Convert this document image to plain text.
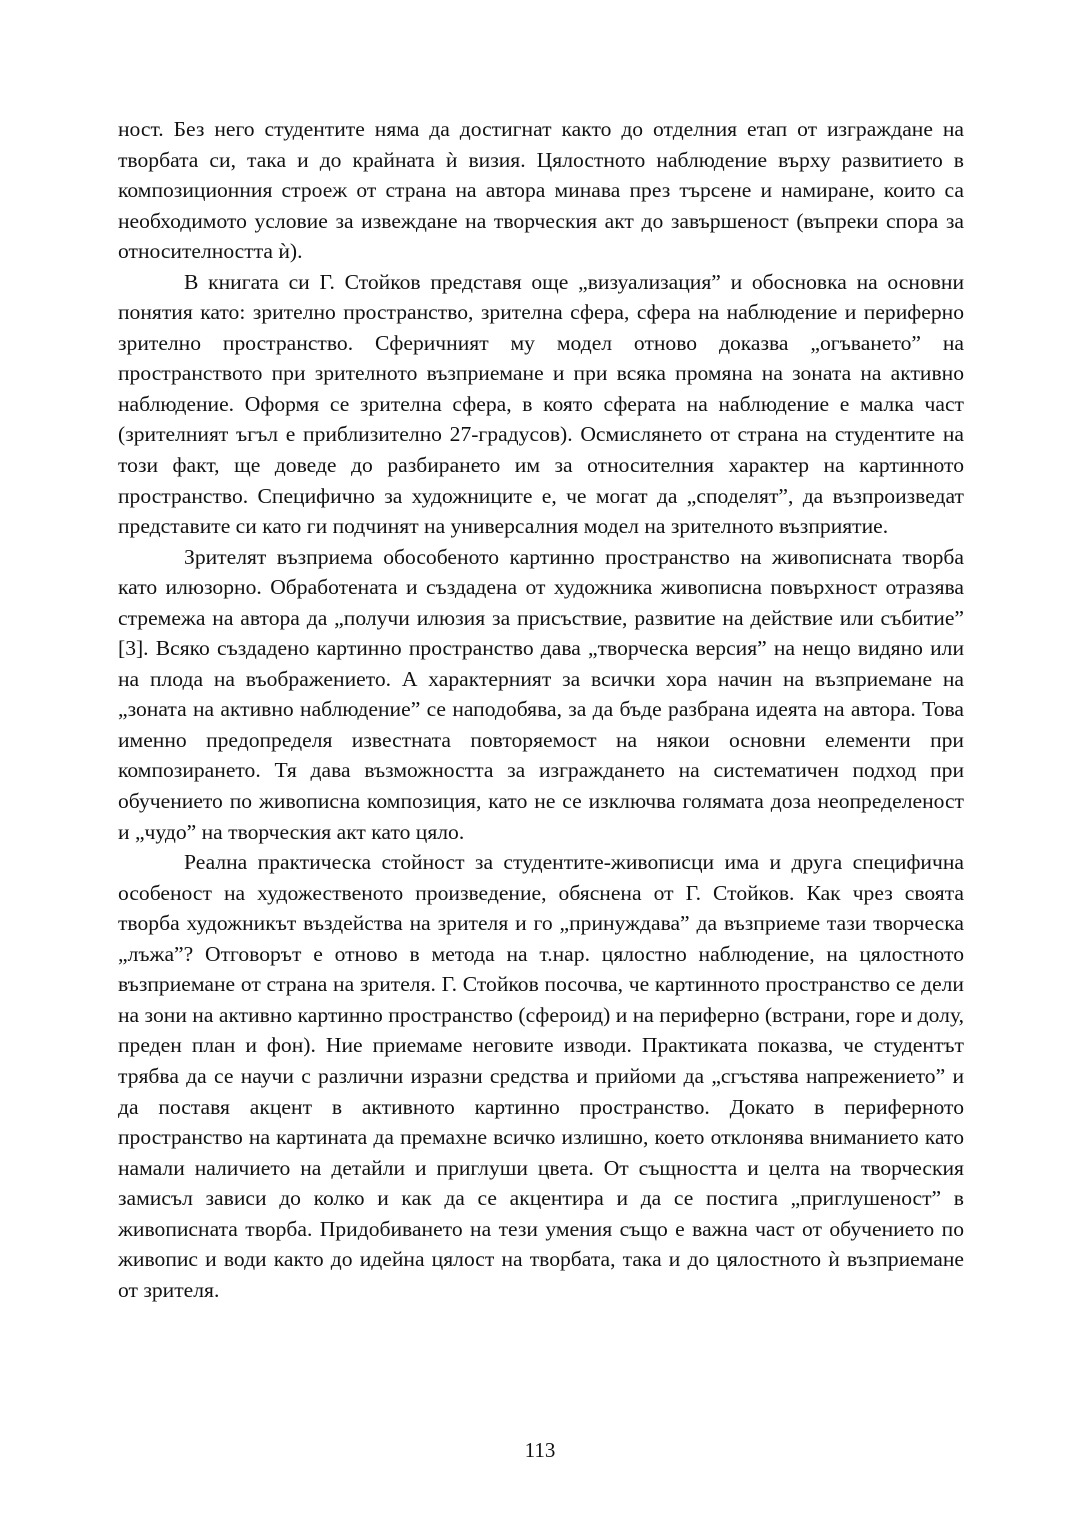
ност. Без него студентите няма да достигнат както до отделния етап от изграждане на творбата си, така и до крайната ѝ визия. Цялостното наблюдение върху развитието в композиционния строеж от страна на автора минава през търсене и намиране, които са необходимото условие за извеждане на творческия акт до завършеност (въпреки спора за относителността ѝ).

В книгата си Г. Стойков представя още „визуализация” и обосновка на основни понятия като: зрително пространство, зрителна сфера, сфера на наблюдение и периферно зрително пространство. Сферичният му модел отново доказва „огъването” на пространството при зрителното възприемане и при всяка промяна на зоната на активно наблюдение. Оформя се зрителна сфера, в която сферата на наблюдение е малка част (зрителният ъгъл е приблизително 27-градусов). Осмислянето от страна на студентите на този факт, ще доведе до разбирането им за относителния характер на картинното пространство. Специфично за художниците е, че могат да „споделят”, да възпроизведат представите си като ги подчинят на универсалния модел на зрителното възприятие.

Зрителят възприема обособеното картинно пространство на живописната творба като илюзорно. Обработената и създадена от художника живописна повърхност отразява стремежа на автора да „получи илюзия за присъствие, развитие на действие или събитие” [3]. Всяко създадено картинно пространство дава „творческа версия” на нещо видяно или на плода на въображението. А характерният за всички хора начин на възприемане на „зоната на активно наблюдение” се наподобява, за да бъде разбрана идеята на автора. Това именно предопределя известната повторяемост на някои основни елементи при композирането. Тя дава възможността за изграждането на систематичен подход при обучението по живописна композиция, като не се изключва голямата доза неопределеност и „чудо” на творческия акт като цяло.

Реална практическа стойност за студентите-живописци има и друга специфична особеност на художественото произведение, обяснена от Г. Стойков. Как чрез своята творба художникът въздейства на зрителя и го „принуждава” да възприеме тази творческа „лъжа”? Отговорът е отново в метода на т.нар. цялостно наблюдение, на цялостното възприемане от страна на зрителя. Г. Стойков посочва, че картинното пространство се дели на зони на активно картинно пространство (сфероид) и на периферно (встрани, горе и долу, преден план и фон). Ние приемаме неговите изводи. Практиката показва, че студентът трябва да се научи с различни изразни средства и прийоми да „сгъстява напрежението” и да поставя акцент в активното картинно пространство. Докато в периферното пространство на картината да премахне всичко излишно, което отклонява вниманието като намали наличието на детайли и приглуши цвета. От същността и целта на творческия замисъл зависи до колко и как да се акцентира и да се постига „приглушеност” в живописната творба. Придобиването на тези умения също е важна част от обучението по живопис и води както до идейна цялост на творбата, така и до цялостното ѝ възприемане от зрителя.

113
